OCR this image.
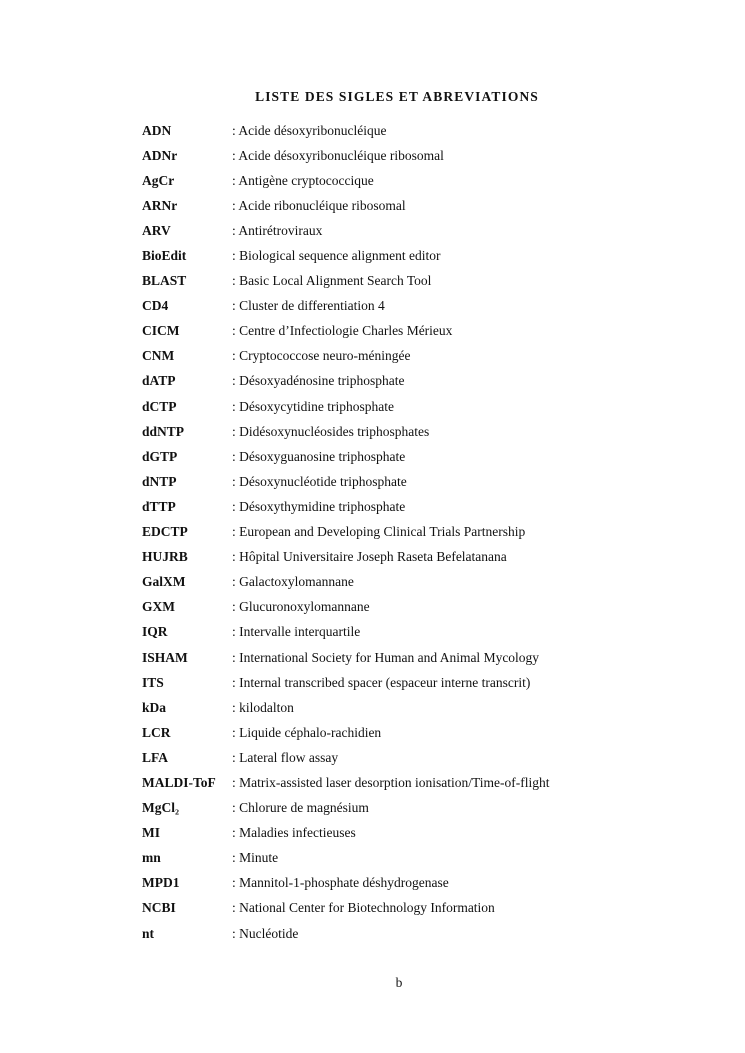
LISTE DES SIGLES ET ABREVIATIONS
ADN	: Acide désoxyribonucléique
ADNr	: Acide désoxyribonucléique ribosomal
AgCr	: Antigène cryptococcique
ARNr	: Acide ribonucléique ribosomal
ARV	: Antirétroviraux
BioEdit	: Biological sequence alignment editor
BLAST	: Basic Local Alignment Search Tool
CD4	: Cluster de differentiation 4
CICM	: Centre d’Infectiologie Charles Mérieux
CNM	: Cryptococcose neuro-méningée
dATP	: Désoxyadénosine triphosphate
dCTP	: Désoxycytidine triphosphate
ddNTP	: Didésoxynucléosides triphosphates
dGTP	: Désoxyguanosine triphosphate
dNTP	: Désoxynucléotide triphosphate
dTTP	: Désoxythymidine triphosphate
EDCTP	: European and Developing Clinical Trials Partnership
HUJRB	: Hôpital Universitaire Joseph Raseta Befelatanana
GalXM	: Galactoxylomannane
GXM	: Glucuronoxylomannane
IQR	: Intervalle interquartile
ISHAM	: International Society for Human and Animal Mycology
ITS	: Internal transcribed spacer (espaceur interne transcrit)
kDa	: kilodalton
LCR	: Liquide céphalo-rachidien
LFA	: Lateral flow assay
MALDI-ToF	: Matrix-assisted laser desorption ionisation/Time-of-flight
MgCl₂	: Chlorure de magnésium
MI	: Maladies infectieuses
mn	: Minute
MPD1	: Mannitol-1-phosphate déshydrogenase
NCBI	: National Center for Biotechnology Information
nt	: Nucléotide
b
